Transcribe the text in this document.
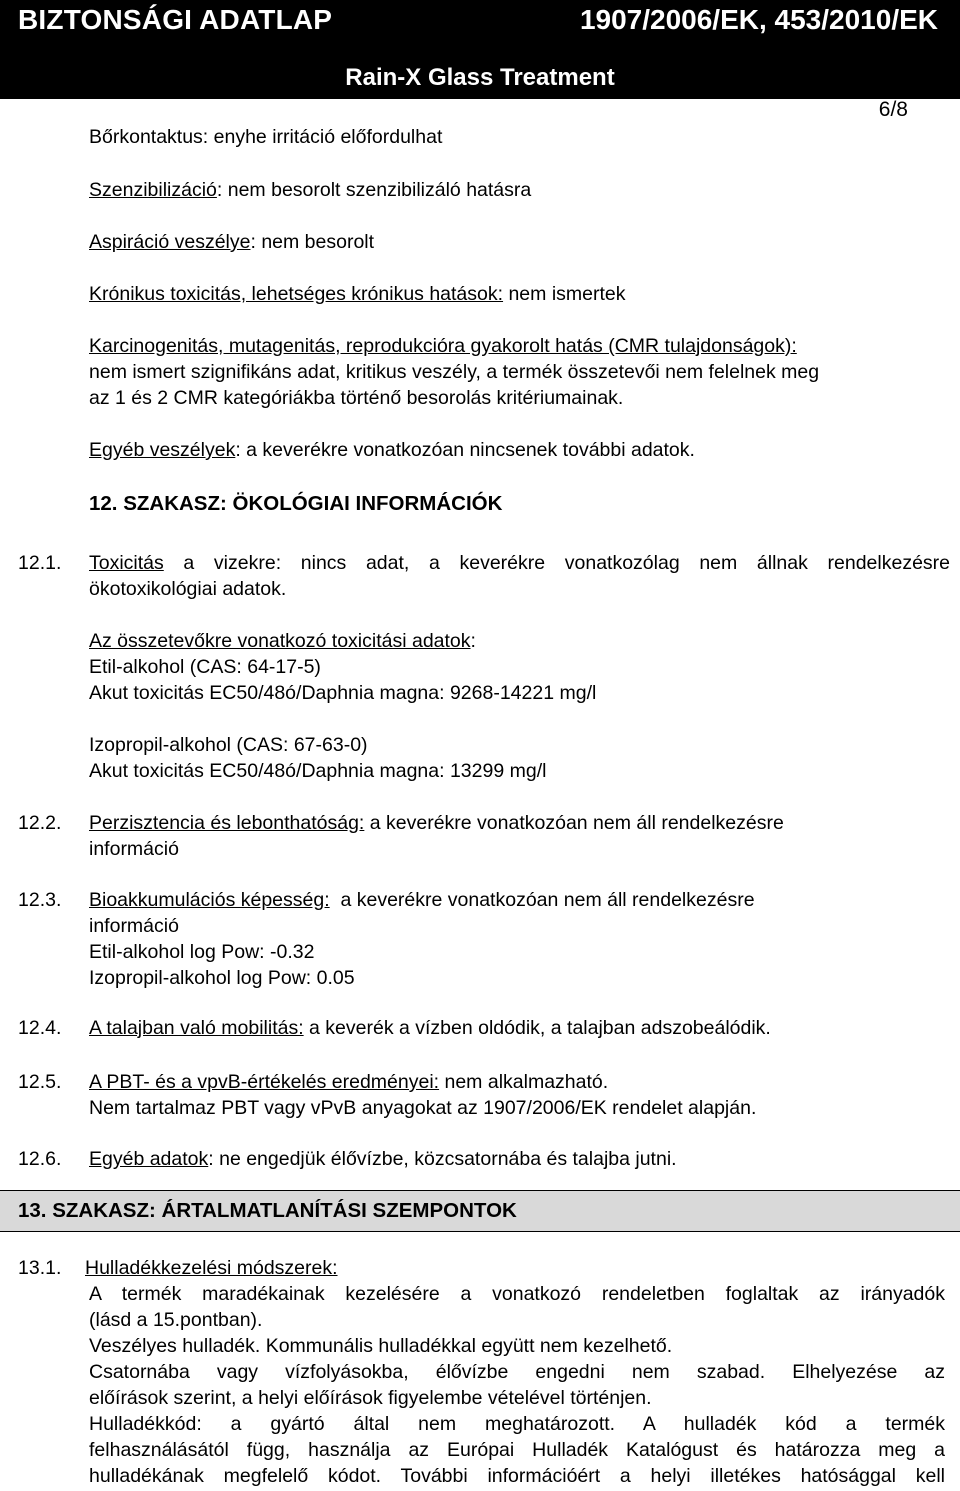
BIZTONSÁGI ADATLAP	1907/2006/EK, 453/2010/EK
Rain-X Glass Treatment
6/8
Bőrkontaktus: enyhe irritáció előfordulhat
Szenzibilizáció: nem besorolt szenzibilizáló hatásra
Aspiráció veszélye: nem besorolt
Krónikus toxicitás, lehetséges krónikus hatások: nem ismertek
Karcinogenitás, mutagenitás, reprodukcióra gyakorolt hatás (CMR tulajdonságok):
nem ismert szignifikáns adat, kritikus veszély, a termék összetevői nem felelnek meg
az 1 és 2 CMR kategóriákba történő besorolás kritériumainak.
Egyéb veszélyek: a keverékre vonatkozóan nincsenek további adatok.
12. SZAKASZ: ÖKOLÓGIAI INFORMÁCIÓK
12.1. Toxicitás a vizekre: nincs adat, a keverékre vonatkozólag nem állnak rendelkezésre
ökotoxikológiai adatok.
Az összetevőkre vonatkozó toxicitási adatok:
Etil-alkohol (CAS: 64-17-5)
Akut toxicitás EC50/48ó/Daphnia magna: 9268-14221 mg/l
Izopropil-alkohol (CAS: 67-63-0)
Akut toxicitás EC50/48ó/Daphnia magna: 13299 mg/l
12.2. Perzisztencia és lebonthatóság: a keverékre vonatkozóan nem áll rendelkezésre
információ
12.3. Bioakkumulációs képesség:  a keverékre vonatkozóan nem áll rendelkezésre
információ
Etil-alkohol log Pow: -0.32
Izopropil-alkohol log Pow: 0.05
12.4. A talajban való mobilitás: a keverék a vízben oldódik, a talajban adszobeálódik.
12.5. A PBT- és a vpvB-értékelés eredményei: nem alkalmazható.
Nem tartalmaz PBT vagy vPvB anyagokat az 1907/2006/EK rendelet alapján.
12.6. Egyéb adatok: ne engedjük élővízbe, közcsatornába és talajba jutni.
13. SZAKASZ: ÁRTALMATLANÍTÁSI SZEMPONTOK
13.1. Hulladékkezelési módszerek:
A termék maradékainak kezelésére a vonatkozó rendeletben foglaltak az irányadók
(lásd a 15.pontban).
Veszélyes hulladék. Kommunális hulladékkal együtt nem kezelhető.
Csatornába vagy vízfolyásokba, élővízbe engedni nem szabad. Elhelyezése az
előírások szerint, a helyi előírások figyelembe vételével történjen.
Hulladékkód: a gyártó által nem meghatározott. A hulladék kód a termék
felhasználásától függ, használja az Európai Hulladék Katalógust és határozza meg a
hulladékának megfelelő kódot. További információért a helyi illetékes hatósággal kell
